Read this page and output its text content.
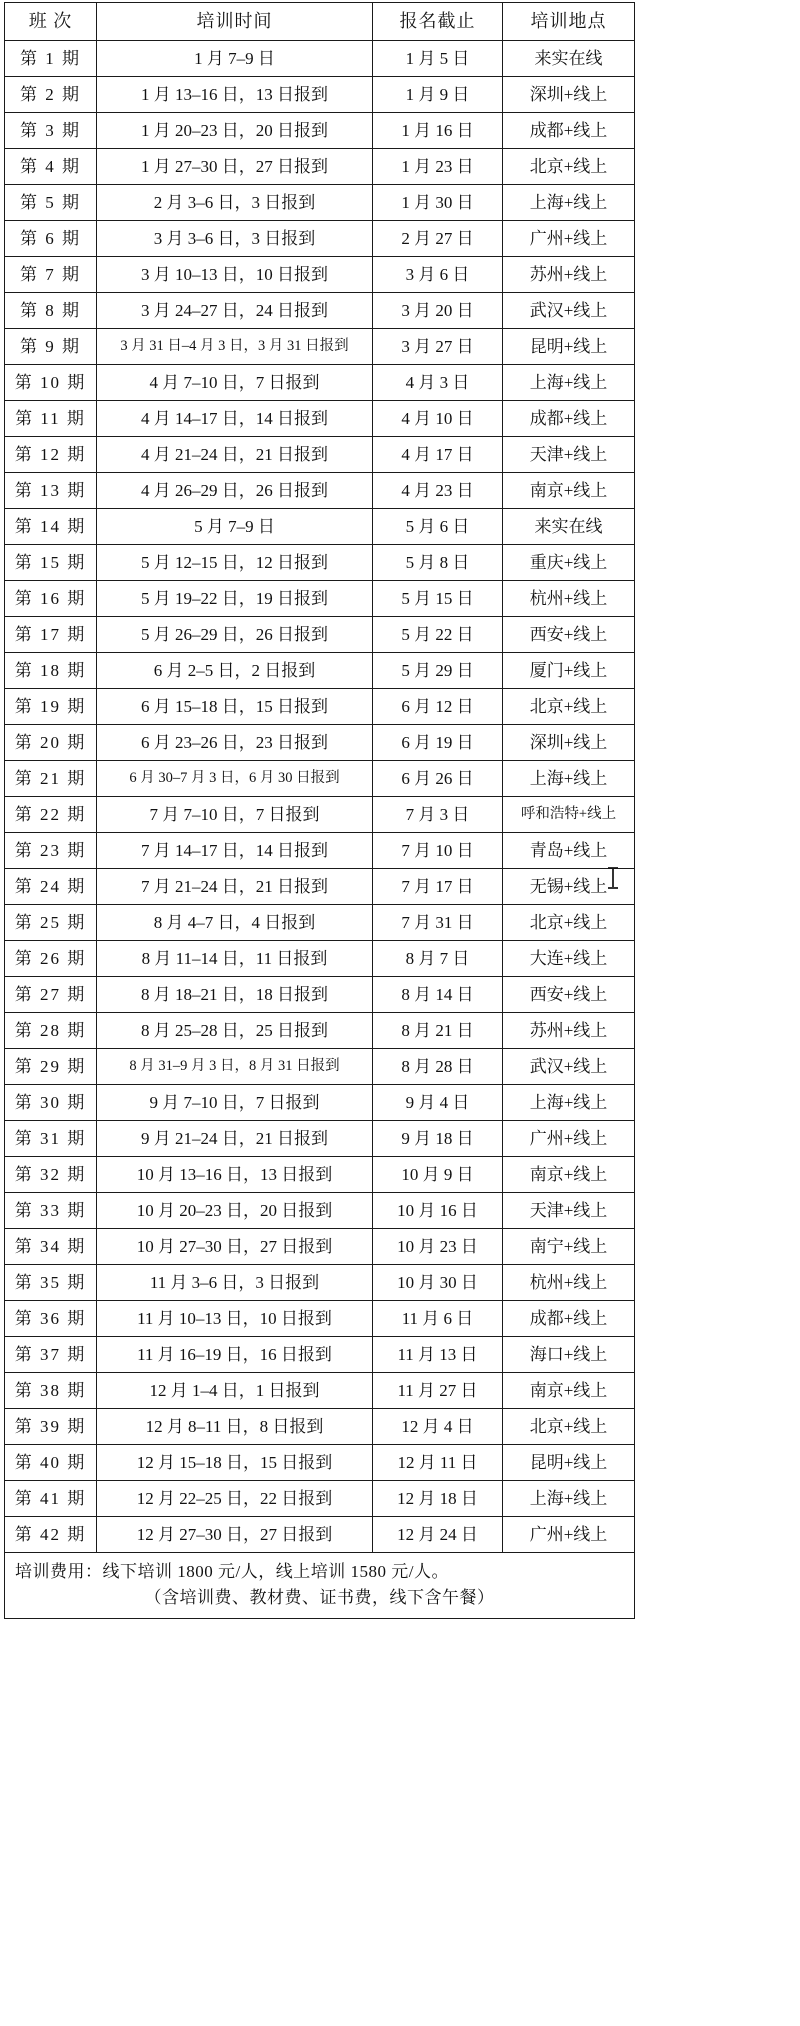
班 次	培训时间	报名截止	培训地点
第 1 期	1 月 7–9 日	1 月 5 日	来实在线
第 2 期	1 月 13–16 日，13 日报到	1 月 9 日	深圳+线上
第 3 期	1 月 20–23 日，20 日报到	1 月 16 日	成都+线上
第 4 期	1 月 27–30 日，27 日报到	1 月 23 日	北京+线上
第 5 期	2 月 3–6 日，3 日报到	1 月 30 日	上海+线上
第 6 期	3 月 3–6 日，3 日报到	2 月 27 日	广州+线上
第 7 期	3 月 10–13 日，10 日报到	3 月 6 日	苏州+线上
第 8 期	3 月 24–27 日，24 日报到	3 月 20 日	武汉+线上
第 9 期	3 月 31 日–4 月 3 日，3 月 31 日报到	3 月 27 日	昆明+线上
第 10 期	4 月 7–10 日，7 日报到	4 月 3 日	上海+线上
第 11 期	4 月 14–17 日，14 日报到	4 月 10 日	成都+线上
第 12 期	4 月 21–24 日，21 日报到	4 月 17 日	天津+线上
第 13 期	4 月 26–29 日，26 日报到	4 月 23 日	南京+线上
第 14 期	5 月 7–9 日	5 月 6 日	来实在线
第 15 期	5 月 12–15 日，12 日报到	5 月 8 日	重庆+线上
第 16 期	5 月 19–22 日，19 日报到	5 月 15 日	杭州+线上
第 17 期	5 月 26–29 日，26 日报到	5 月 22 日	西安+线上
第 18 期	6 月 2–5 日，2 日报到	5 月 29 日	厦门+线上
第 19 期	6 月 15–18 日，15 日报到	6 月 12 日	北京+线上
第 20 期	6 月 23–26 日，23 日报到	6 月 19 日	深圳+线上
第 21 期	6 月 30–7 月 3 日，6 月 30 日报到	6 月 26 日	上海+线上
第 22 期	7 月 7–10 日，7 日报到	7 月 3 日	呼和浩特+线上
第 23 期	7 月 14–17 日，14 日报到	7 月 10 日	青岛+线上
第 24 期	7 月 21–24 日，21 日报到	7 月 17 日	无锡+线上
第 25 期	8 月 4–7 日，4 日报到	7 月 31 日	北京+线上
第 26 期	8 月 11–14 日，11 日报到	8 月 7 日	大连+线上
第 27 期	8 月 18–21 日，18 日报到	8 月 14 日	西安+线上
第 28 期	8 月 25–28 日，25 日报到	8 月 21 日	苏州+线上
第 29 期	8 月 31–9 月 3 日，8 月 31 日报到	8 月 28 日	武汉+线上
第 30 期	9 月 7–10 日，7 日报到	9 月 4 日	上海+线上
第 31 期	9 月 21–24 日，21 日报到	9 月 18 日	广州+线上
第 32 期	10 月 13–16 日，13 日报到	10 月 9 日	南京+线上
第 33 期	10 月 20–23 日，20 日报到	10 月 16 日	天津+线上
第 34 期	10 月 27–30 日，27 日报到	10 月 23 日	南宁+线上
第 35 期	11 月 3–6 日，3 日报到	10 月 30 日	杭州+线上
第 36 期	11 月 10–13 日，10 日报到	11 月 6 日	成都+线上
第 37 期	11 月 16–19 日，16 日报到	11 月 13 日	海口+线上
第 38 期	12 月 1–4 日，1 日报到	11 月 27 日	南京+线上
第 39 期	12 月 8–11 日，8 日报到	12 月 4 日	北京+线上
第 40 期	12 月 15–18 日，15 日报到	12 月 11 日	昆明+线上
第 41 期	12 月 22–25 日，22 日报到	12 月 18 日	上海+线上
第 42 期	12 月 27–30 日，27 日报到	12 月 24 日	广州+线上

培训费用：线下培训 1800 元/人，线上培训 1580 元/人。
（含培训费、教材费、证书费，线下含午餐）			
